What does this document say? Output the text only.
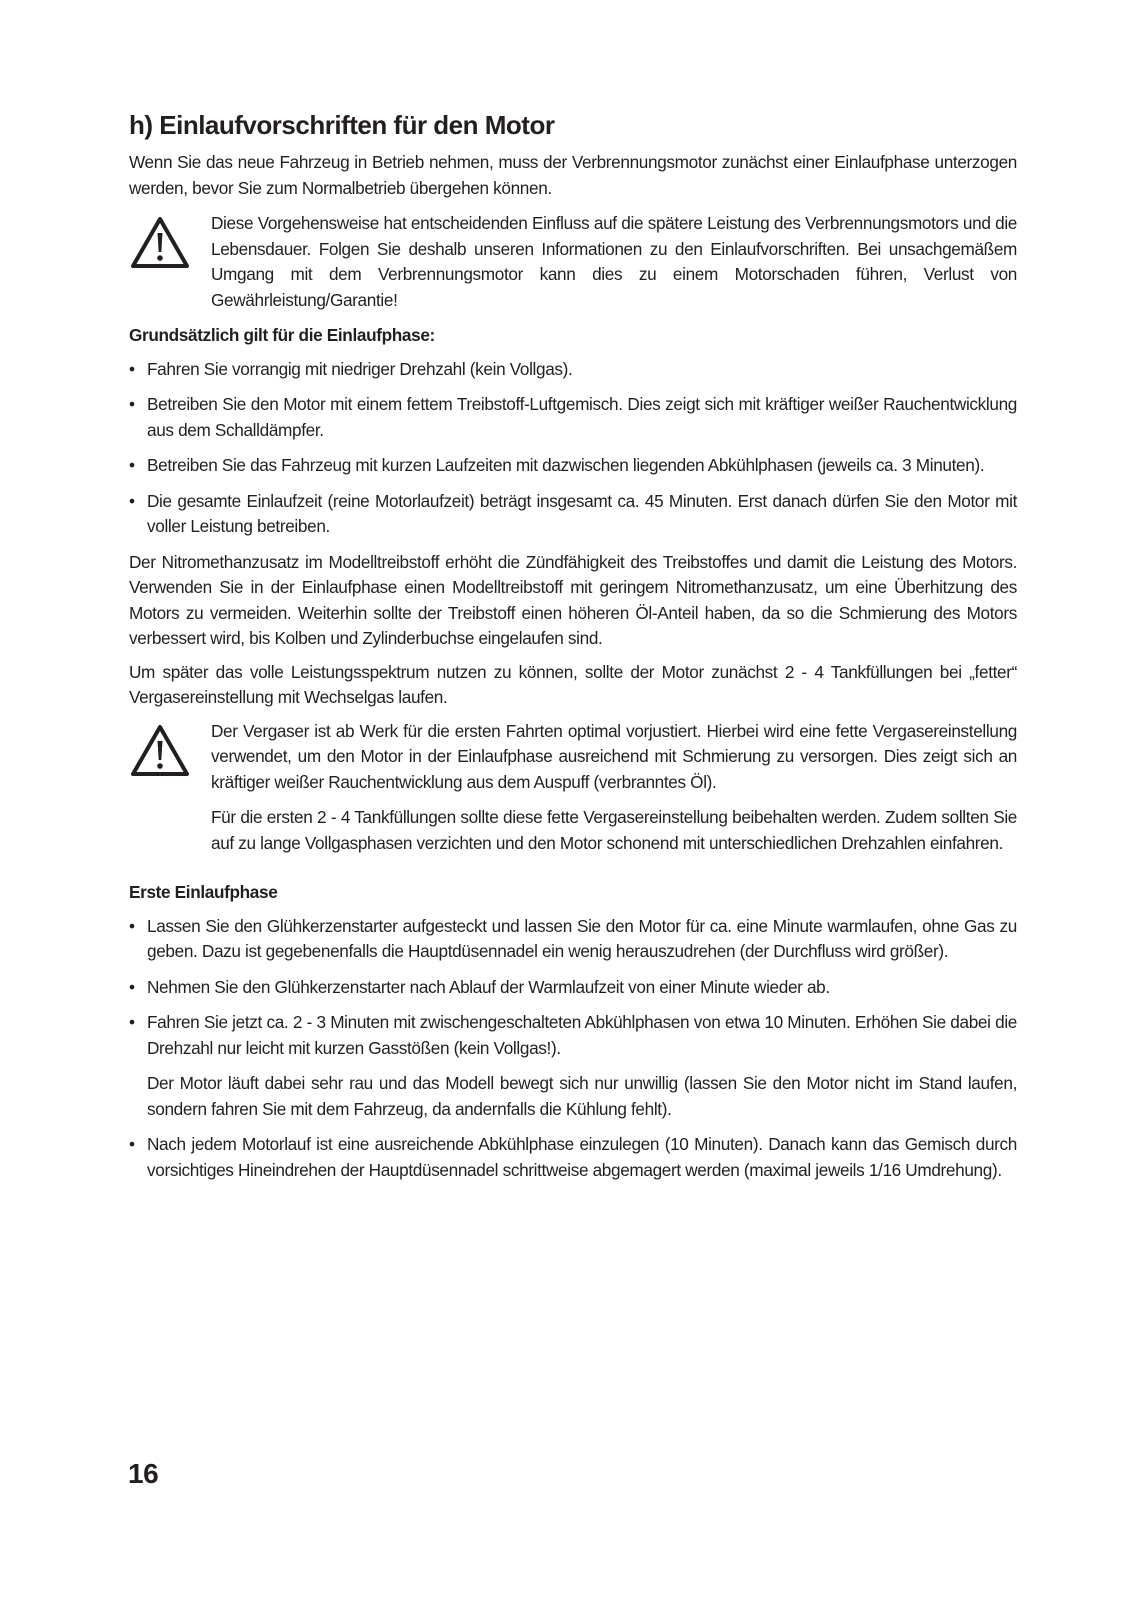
h) Einlaufvorschriften für den Motor

Wenn Sie das neue Fahrzeug in Betrieb nehmen, muss der Verbrennungsmotor zunächst einer Einlaufphase unterzogen werden, bevor Sie zum Normalbetrieb übergehen können.

Diese Vorgehensweise hat entscheidenden Einfluss auf die spätere Leistung des Verbrennungsmotors und die Lebensdauer. Folgen Sie deshalb unseren Informationen zu den Einlaufvorschriften. Bei unsachgemäßem Umgang mit dem Verbrennungsmotor kann dies zu einem Motorschaden führen, Verlust von Gewährleistung/Garantie!

Grundsätzlich gilt für die Einlaufphase:
• Fahren Sie vorrangig mit niedriger Drehzahl (kein Vollgas).
• Betreiben Sie den Motor mit einem fettem Treibstoff-Luftgemisch. Dies zeigt sich mit kräftiger weißer Rauchentwicklung aus dem Schalldämpfer.
• Betreiben Sie das Fahrzeug mit kurzen Laufzeiten mit dazwischen liegenden Abkühlphasen (jeweils ca. 3 Minuten).
• Die gesamte Einlaufzeit (reine Motorlaufzeit) beträgt insgesamt ca. 45 Minuten. Erst danach dürfen Sie den Motor mit voller Leistung betreiben.

Der Nitromethanzusatz im Modelltreibstoff erhöht die Zündfähigkeit des Treibstoffes und damit die Leistung des Motors. Verwenden Sie in der Einlaufphase einen Modelltreibstoff mit geringem Nitromethanzusatz, um eine Überhitzung des Motors zu vermeiden. Weiterhin sollte der Treibstoff einen höheren Öl-Anteil haben, da so die Schmierung des Motors verbessert wird, bis Kolben und Zylinderbuchse eingelaufen sind.

Um später das volle Leistungsspektrum nutzen zu können, sollte der Motor zunächst 2 - 4 Tankfüllungen bei „fetter“ Vergasereinstellung mit Wechselgas laufen.

Der Vergaser ist ab Werk für die ersten Fahrten optimal vorjustiert. Hierbei wird eine fette Vergasereinstellung verwendet, um den Motor in der Einlaufphase ausreichend mit Schmierung zu versorgen. Dies zeigt sich an kräftiger weißer Rauchentwicklung aus dem Auspuff (verbranntes Öl).

Für die ersten 2 - 4 Tankfüllungen sollte diese fette Vergasereinstellung beibehalten werden. Zudem sollten Sie auf zu lange Vollgasphasen verzichten und den Motor schonend mit unterschiedlichen Drehzahlen einfahren.

Erste Einlaufphase
• Lassen Sie den Glühkerzenstarter aufgesteckt und lassen Sie den Motor für ca. eine Minute warmlaufen, ohne Gas zu geben. Dazu ist gegebenenfalls die Hauptdüsennadel ein wenig herauszudrehen (der Durchfluss wird größer).
• Nehmen Sie den Glühkerzenstarter nach Ablauf der Warmlaufzeit von einer Minute wieder ab.
• Fahren Sie jetzt ca. 2 - 3 Minuten mit zwischengeschalteten Abkühlphasen von etwa 10 Minuten. Erhöhen Sie dabei die Drehzahl nur leicht mit kurzen Gasstößen (kein Vollgas!).

Der Motor läuft dabei sehr rau und das Modell bewegt sich nur unwillig (lassen Sie den Motor nicht im Stand laufen, sondern fahren Sie mit dem Fahrzeug, da andernfalls die Kühlung fehlt).

• Nach jedem Motorlauf ist eine ausreichende Abkühlphase einzulegen (10 Minuten). Danach kann das Gemisch durch vorsichtiges Hineindrehen der Hauptdüsennadel schrittweise abgemagert werden (maximal jeweils 1/16 Umdrehung).
16
